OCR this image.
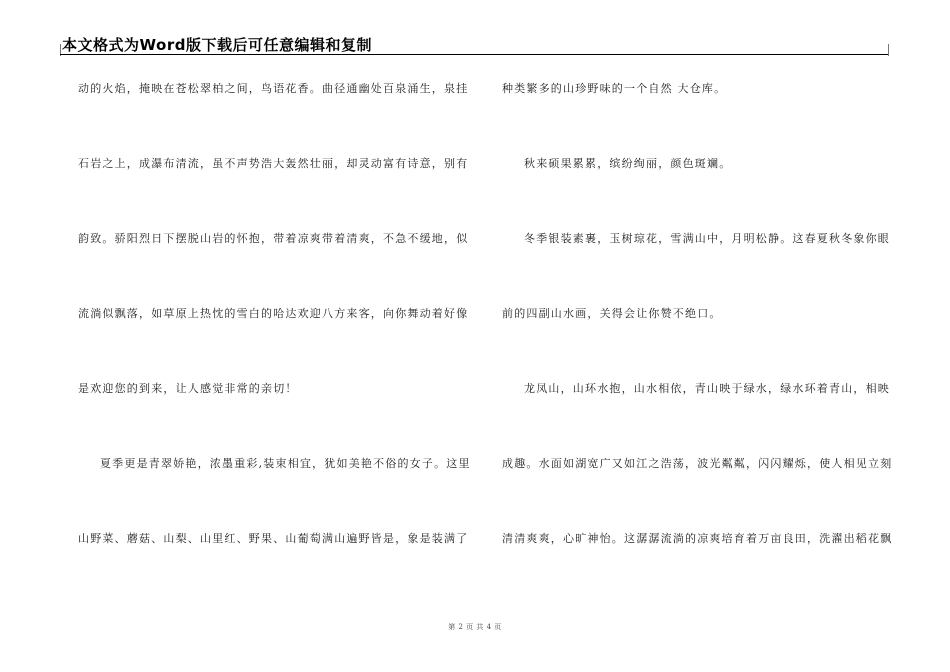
本文格式为Word版下载后可任意编辑和复制
动的火焰，掩映在苍松翠柏之间，鸟语花香。曲径通幽处百泉涌生，泉挂
石岩之上，成瀑布清流，虽不声势浩大轰然壮丽，却灵动富有诗意，别有
韵致。骄阳烈日下摆脱山岩的怀抱，带着凉爽带着清爽，不急不缓地，似
流淌似飘落，如草原上热忱的雪白的哈达欢迎八方来客，向你舞动着好像
是欢迎您的到来，让人感觉非常的亲切！
夏季更是青翠娇艳，浓墨重彩,装束相宜，犹如美艳不俗的女子。这里
山野菜、蘑菇、山梨、山里红、野果、山葡萄满山遍野皆是，象是装满了
种类繁多的山珍野味的一个自然 大仓库。
秋来硕果累累，缤纷绚丽，颜色斑斓。
冬季银装素裹，玉树琼花，雪满山中，月明松静。这春夏秋冬象你眼
前的四副山水画，关得会让你赞不绝口。
龙凤山，山环水抱，山水相依，青山映于绿水，绿水环着青山，相映
成趣。水面如湖宽广又如江之浩荡，波光粼粼，闪闪耀烁，使人相见立刻
清清爽爽，心旷神怡。这潺潺流淌的凉爽培育着万亩良田，洗濯出稻花飘
第 2 页 共 4 页
